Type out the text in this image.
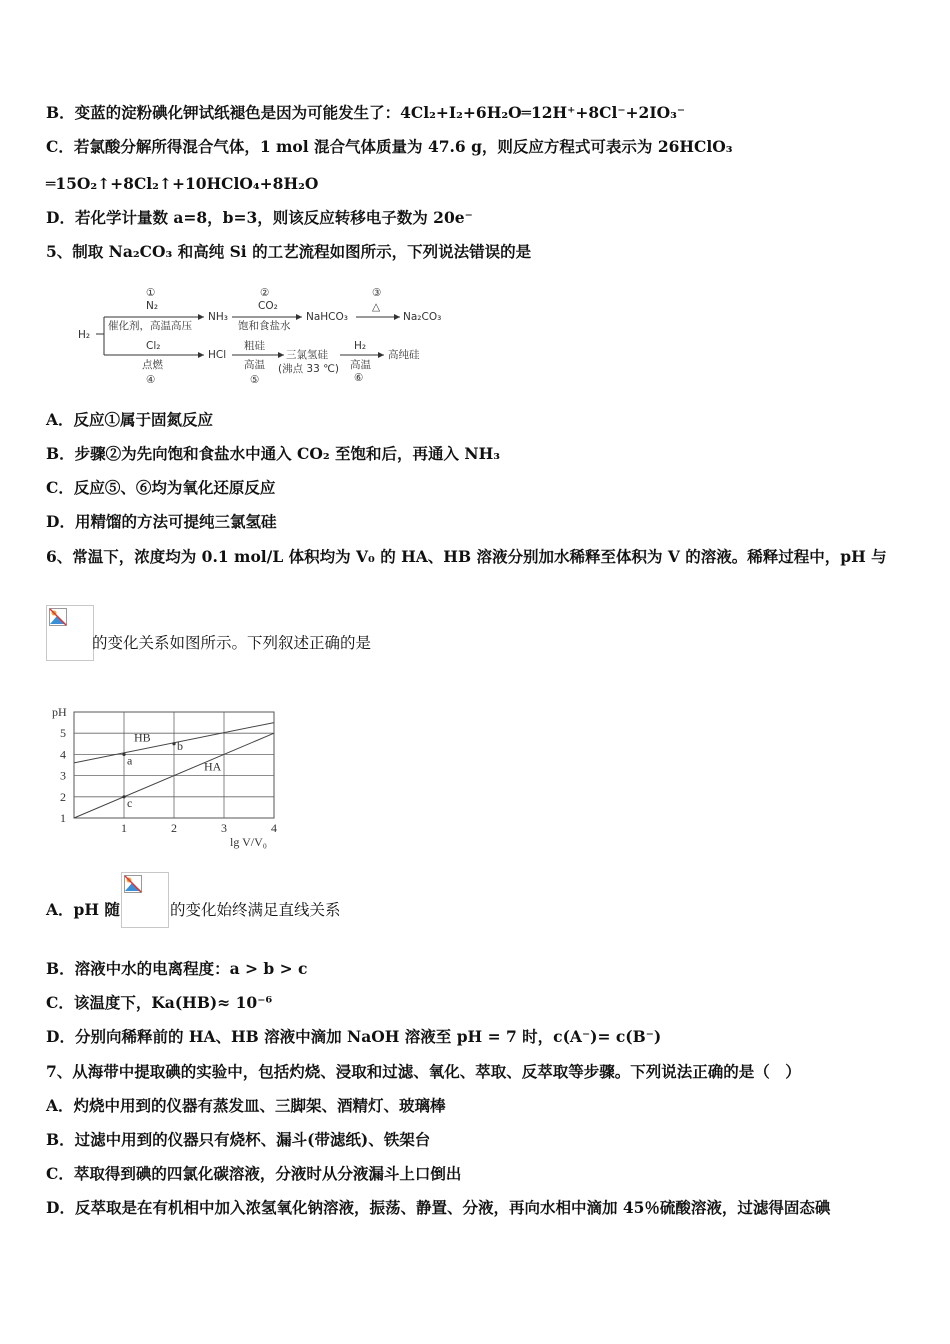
B．变蓝的淀粉碘化钾试纸褪色是因为可能发生了：4Cl₂+I₂+6H₂O═12H⁺+8Cl⁻+2IO₃⁻
C．若氯酸分解所得混合气体，1 mol 混合气体质量为 47.6 g，则反应方程式可表示为 26HClO₃
═15O₂↑+8Cl₂↑+10HClO₄+8H₂O
D．若化学计量数 a=8，b=3，则该反应转移电子数为 20e⁻
5、制取 Na₂CO₃ 和高纯 Si 的工艺流程如图所示，下列说法错误的是
H₂
①
N₂
催化剂，高温高压
NH₃
②
CO₂
饱和食盐水
NaHCO₃
③
△
Na₂CO₃
Cl₂
点燃
④
HCl
粗硅
高温
⑤
三氯氢硅
(沸点 33 ℃)
H₂
高温
⑥
高纯硅
A．反应①属于固氮反应
B．步骤②为先向饱和食盐水中通入 CO₂ 至饱和后，再通入 NH₃
C．反应⑤、⑥均为氧化还原反应
D．用精馏的方法可提纯三氯氢硅
6、常温下，浓度均为 0.1 mol/L 体积均为 V₀ 的 HA、HB 溶液分别加水稀释至体积为 V 的溶液。稀释过程中，pH 与
的变化关系如图所示。下列叙述正确的是
1	2	3	4
1
2
3
4
5
pH
lg V/V₀
HB
HA
a
b
c
A．pH 随	的变化始终满足直线关系
B．溶液中水的电离程度：a > b > c
C．该温度下，Ka(HB)≈ 10⁻⁶
D．分别向稀释前的 HA、HB 溶液中滴加 NaOH 溶液至 pH = 7 时，c(A⁻)= c(B⁻)
7、从海带中提取碘的实验中，包括灼烧、浸取和过滤、氧化、萃取、反萃取等步骤。下列说法正确的是（　）
A．灼烧中用到的仪器有蒸发皿、三脚架、酒精灯、玻璃棒
B．过滤中用到的仪器只有烧杯、漏斗(带滤纸)、铁架台
C．萃取得到碘的四氯化碳溶液，分液时从分液漏斗上口倒出
D．反萃取是在有机相中加入浓氢氧化钠溶液，振荡、静置、分液，再向水相中滴加 45％硫酸溶液，过滤得固态碘
